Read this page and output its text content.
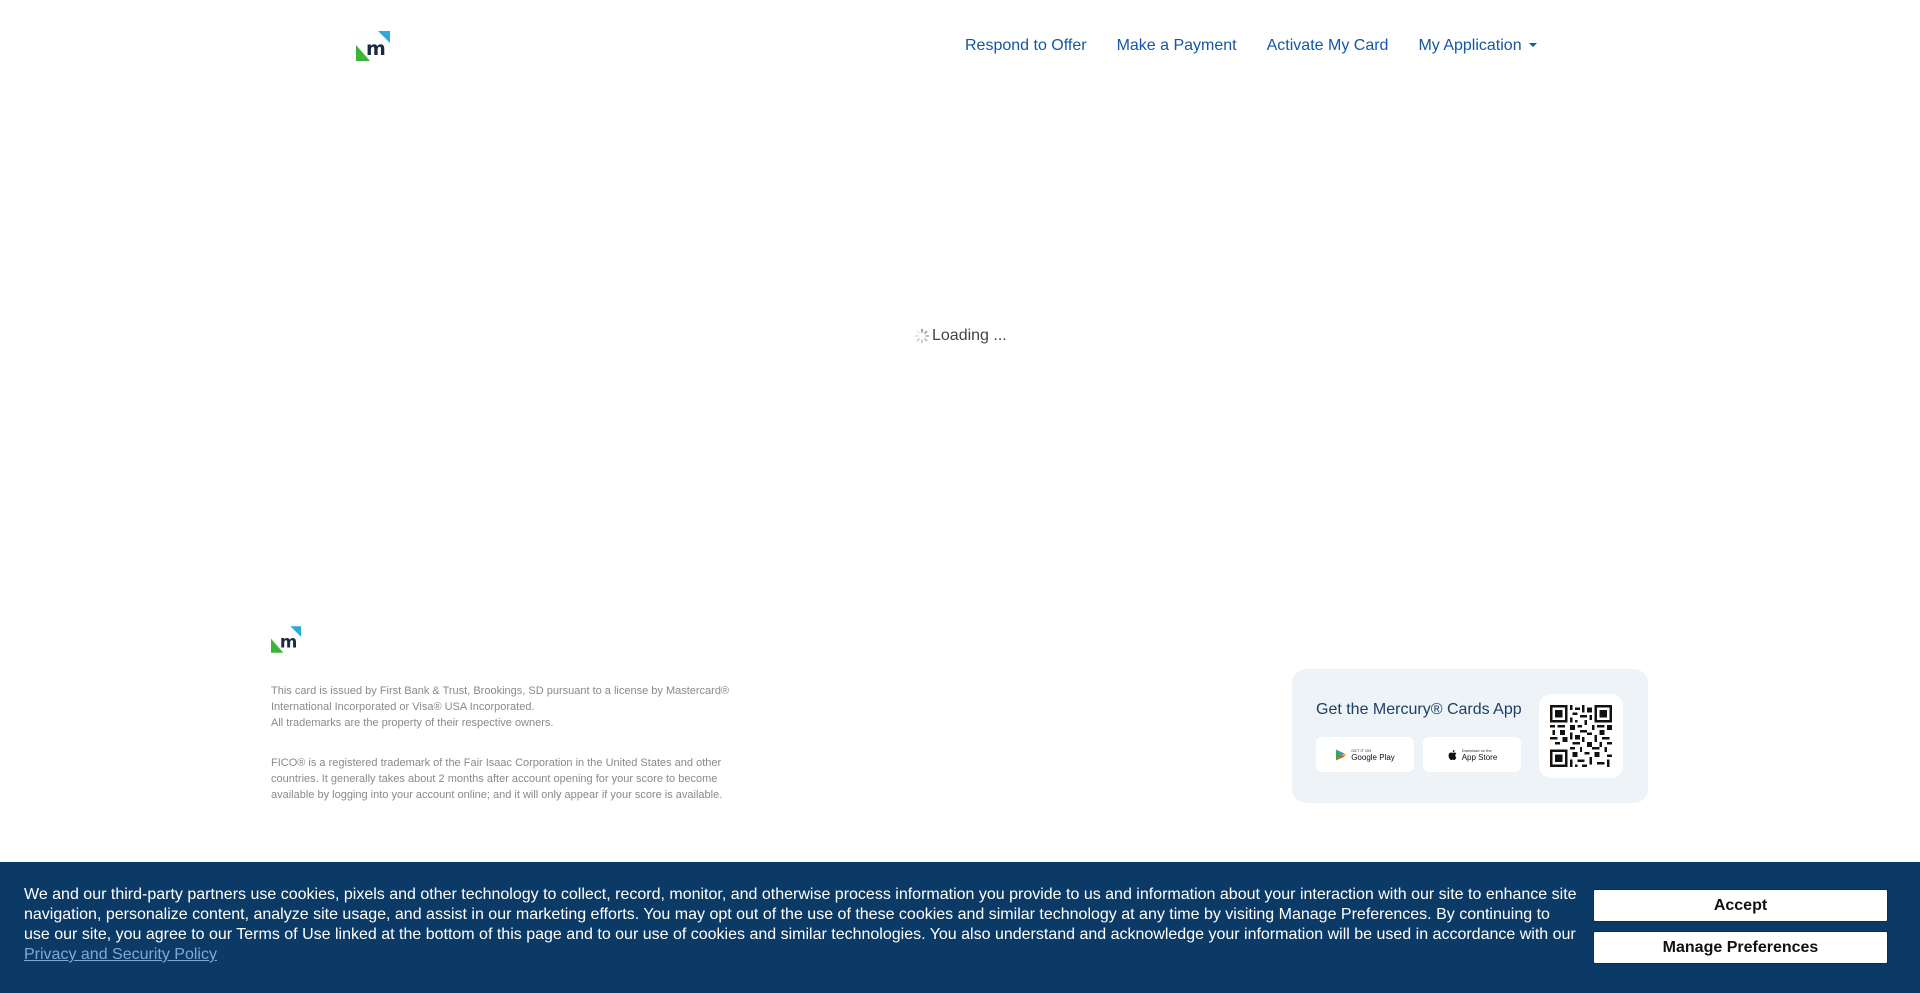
m	Respond to Offer Make a Payment Activate My Card My Application
Loading ...
m
This card is issued by First Bank & Trust, Brookings, SD pursuant to a license by Mastercard®
International Incorporated or Visa® USA Incorporated.
All trademarks are the property of their respective owners.
FICO® is a registered trademark of the Fair Isaac Corporation in the United States and other
countries. It generally takes about 2 months after account opening for your score to become
available by logging into your account online; and it will only appear if your score is available.
Get the Mercury® Cards App
GET IT ON
Google Play
Download on the
App Store
We and our third-party partners use cookies, pixels and other technology to collect, record, monitor, and otherwise process information you provide to us and information about your interaction with our site to enhance site navigation, personalize content, analyze site usage, and assist in our marketing efforts. You may opt out of the use of these cookies and similar technology at any time by visiting Manage Preferences. By continuing to use our site, you agree to our Terms of Use linked at the bottom of this page and to our use of cookies and similar technologies. You also understand and acknowledge your information will be used in accordance with our Privacy and Security Policy
Accept
Manage Preferences
